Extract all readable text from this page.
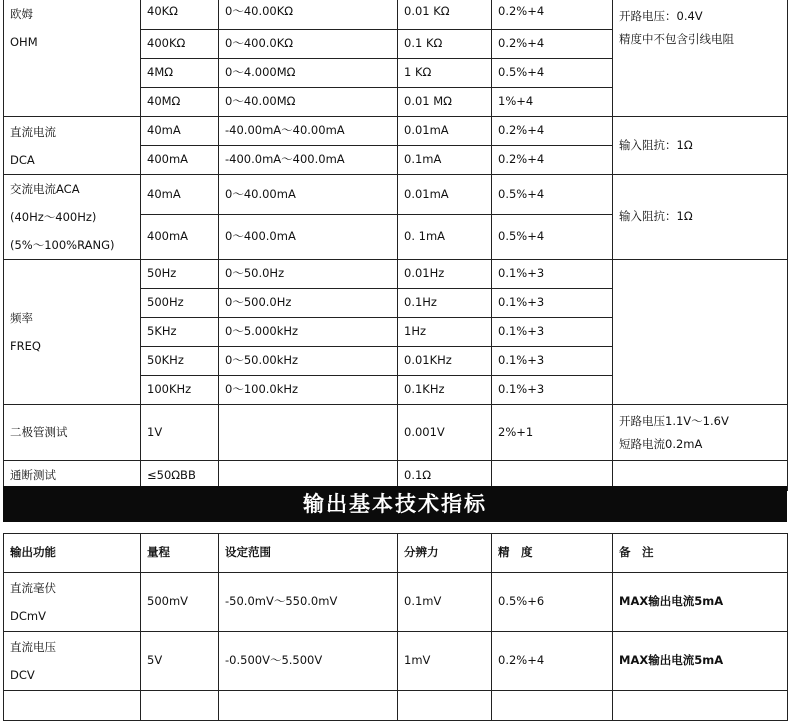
欧姆
OHM	40KΩ	0～40.00KΩ	0.01 KΩ	0.2%+4	开路电压：0.4V
精度中不包含引线电阻
	400KΩ	0～400.0KΩ	0.1 KΩ	0.2%+4	
	4MΩ	0～4.000MΩ	1 KΩ	0.5%+4	
	40MΩ	0～40.00MΩ	0.01 MΩ	1%+4	
直流电流
DCA	40mA	-40.00mA～40.00mA	0.01mA	0.2%+4	输入阻抗：1Ω
	400mA	-400.0mA～400.0mA	0.1mA	0.2%+4	
交流电流ACA
(40Hz～400Hz)
(5%～100%RANG)	40mA	0～40.00mA	0.01mA	0.5%+4	输入阻抗：1Ω
	400mA	0～400.0mA	0. 1mA	0.5%+4	
频率
FREQ	50Hz	0～50.0Hz	0.01Hz	0.1%+3	
	500Hz	0～500.0Hz	0.1Hz	0.1%+3	
	5KHz	0～5.000kHz	1Hz	0.1%+3	
	50KHz	0～50.00kHz	0.01KHz	0.1%+3	
	100KHz	0～100.0kHz	0.1KHz	0.1%+3	
二极管测试	1V		0.001V	2%+1	开路电压1.1V～1.6V
短路电流0.2mA
通断测试	≤50ΩBB		0.1Ω		
输出基本技术指标
输出功能	量程	设定范围	分辨力	精　度	备　注
直流毫伏
DCmV	500mV	-50.0mV～550.0mV	0.1mV	0.5%+6	MAX输出电流5mA
直流电压
DCV	5V	-0.500V～5.500V	1mV	0.2%+4	MAX输出电流5mA
